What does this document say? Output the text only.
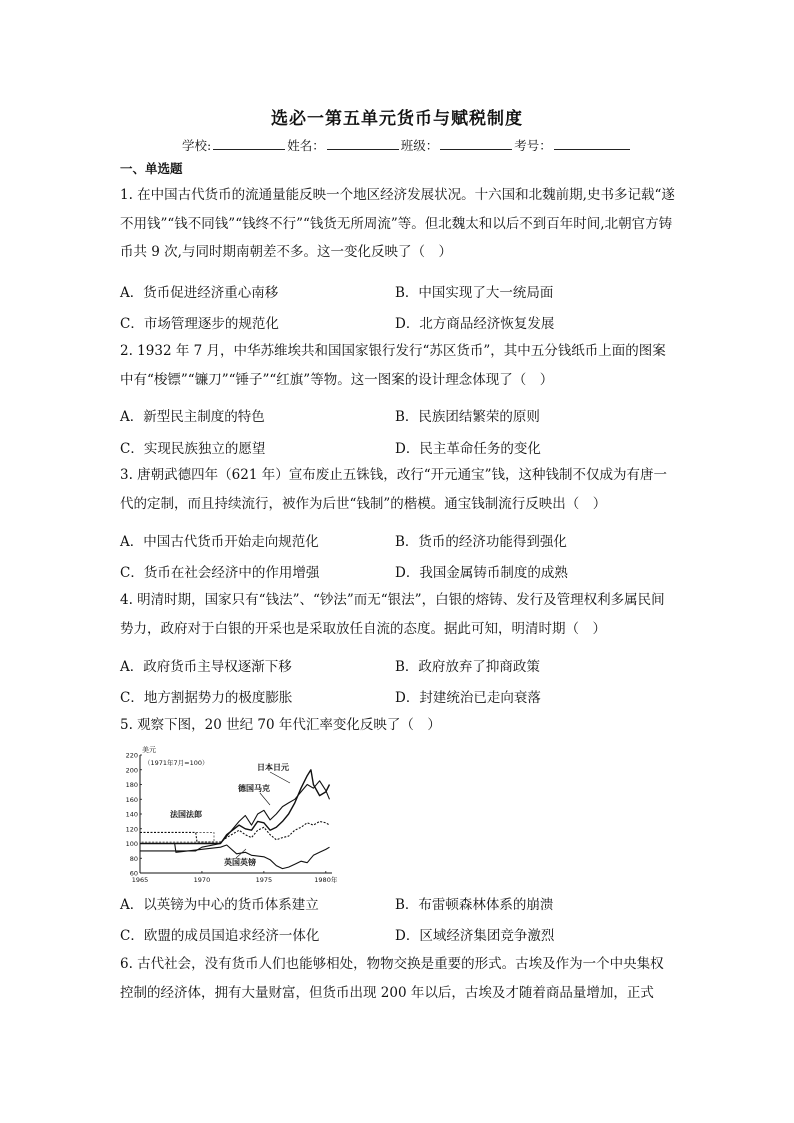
选必一第五单元货币与赋税制度
学校:	姓名：	班级：	考号：
一、单选题
1. 在中国古代货币的流通量能反映一个地区经济发展状况。十六国和北魏前期,史书多记载“遂不用钱”“钱不同钱”“钱终不行”“钱货无所周流”等。但北魏太和以后不到百年时间,北朝官方铸币共 9 次,与同时期南朝差不多。这一变化反映了（　）
A．货币促进经济重心南移	B．中国实现了大一统局面
C．市场管理逐步的规范化	D．北方商品经济恢复发展
2. 1932 年 7 月，中华苏维埃共和国国家银行发行“苏区货币”，其中五分钱纸币上面的图案中有“梭镖”“镰刀”“锤子”“红旗”等物。这一图案的设计理念体现了（　）
A．新型民主制度的特色	B．民族团结繁荣的原则
C．实现民族独立的愿望	D．民主革命任务的变化
3. 唐朝武德四年（621 年）宣布废止五铢钱，改行“开元通宝”钱，这种钱制不仅成为有唐一代的定制，而且持续流行，被作为后世“钱制”的楷模。通宝钱制流行反映出（　）
A．中国古代货币开始走向规范化	B．货币的经济功能得到强化
C．货币在社会经济中的作用增强	D．我国金属铸币制度的成熟
4. 明清时期，国家只有“钱法”、“钞法”而无“银法”，白银的熔铸、发行及管理权利多属民间势力，政府对于白银的开采也是采取放任自流的态度。据此可知，明清时期（　）
A．政府货币主导权逐渐下移	B．政府放弃了抑商政策
C．地方割据势力的极度膨胀	D．封建统治已走向衰落
5. 观察下图，20 世纪 70 年代汇率变化反映了（　）
60
80
100
120
140
160
180
200
220
1965	1970	1975	1980年
美元
（1971年7月=100）	日本日元
德国马克
法国法郎
英国英镑
A．以英镑为中心的货币体系建立	B．布雷顿森林体系的崩溃
C．欧盟的成员国追求经济一体化	D．区域经济集团竞争激烈
6. 古代社会，没有货币人们也能够相处，物物交换是重要的形式。古埃及作为一个中央集权控制的经济体，拥有大量财富，但货币出现 200 年以后，古埃及才随着商品量增加，正式
